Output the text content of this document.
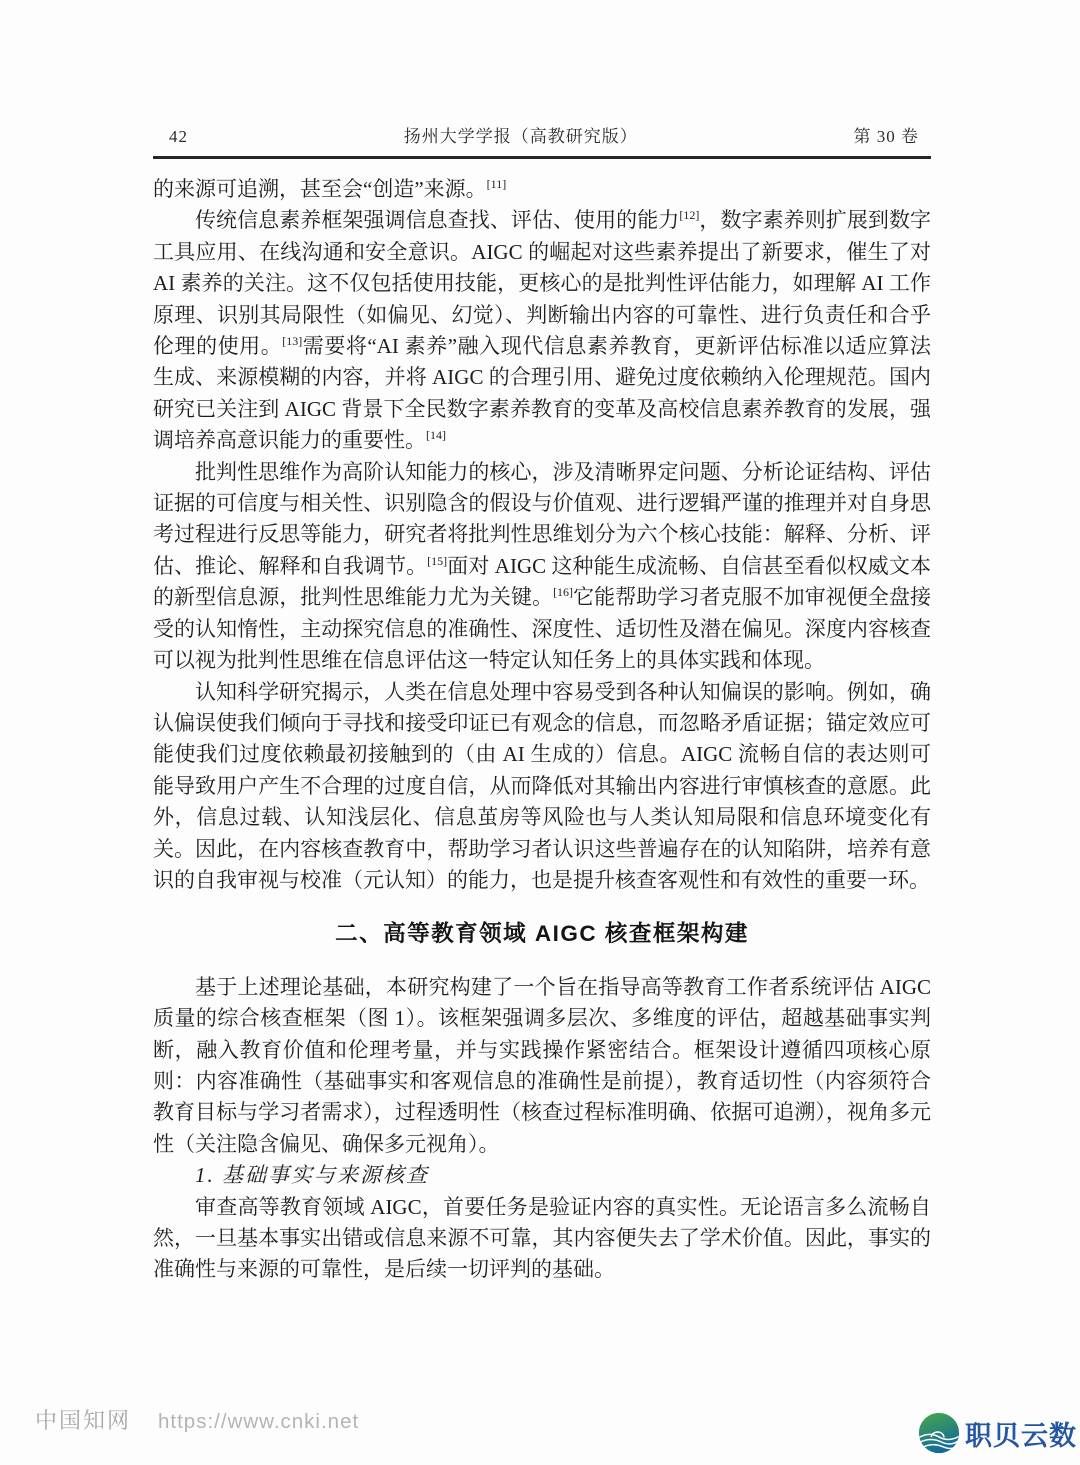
42	扬州大学学报（高教研究版）	第 30 卷

的来源可追溯，甚至会“创造”来源。[11]

传统信息素养框架强调信息查找、评估、使用的能力[12]，数字素养则扩展到数字工具应用、在线沟通和安全意识。AIGC 的崛起对这些素养提出了新要求，催生了对 AI 素养的关注。这不仅包括使用技能，更核心的是批判性评估能力，如理解 AI 工作原理、识别其局限性（如偏见、幻觉）、判断输出内容的可靠性、进行负责任和合乎伦理的使用。[13]需要将“AI 素养”融入现代信息素养教育，更新评估标准以适应算法生成、来源模糊的内容，并将 AIGC 的合理引用、避免过度依赖纳入伦理规范。国内研究已关注到 AIGC 背景下全民数字素养教育的变革及高校信息素养教育的发展，强调培养高意识能力的重要性。[14]

批判性思维作为高阶认知能力的核心，涉及清晰界定问题、分析论证结构、评估证据的可信度与相关性、识别隐含的假设与价值观、进行逻辑严谨的推理并对自身思考过程进行反思等能力，研究者将批判性思维划分为六个核心技能：解释、分析、评估、推论、解释和自我调节。[15]面对 AIGC 这种能生成流畅、自信甚至看似权威文本的新型信息源，批判性思维能力尤为关键。[16]它能帮助学习者克服不加审视便全盘接受的认知惰性，主动探究信息的准确性、深度性、适切性及潜在偏见。深度内容核查可以视为批判性思维在信息评估这一特定认知任务上的具体实践和体现。

认知科学研究揭示，人类在信息处理中容易受到各种认知偏误的影响。例如，确认偏误使我们倾向于寻找和接受印证已有观念的信息，而忽略矛盾证据；锚定效应可能使我们过度依赖最初接触到的（由 AI 生成的）信息。AIGC 流畅自信的表达则可能导致用户产生不合理的过度自信，从而降低对其输出内容进行审慎核查的意愿。此外，信息过载、认知浅层化、信息茧房等风险也与人类认知局限和信息环境变化有关。因此，在内容核查教育中，帮助学习者认识这些普遍存在的认知陷阱，培养有意识的自我审视与校准（元认知）的能力，也是提升核查客观性和有效性的重要一环。

二、高等教育领域 AIGC 核查框架构建

基于上述理论基础，本研究构建了一个旨在指导高等教育工作者系统评估 AIGC 质量的综合核查框架（图 1）。该框架强调多层次、多维度的评估，超越基础事实判断，融入教育价值和伦理考量，并与实践操作紧密结合。框架设计遵循四项核心原则：内容准确性（基础事实和客观信息的准确性是前提），教育适切性（内容须符合教育目标与学习者需求），过程透明性（核查过程标准明确、依据可追溯），视角多元性（关注隐含偏见、确保多元视角）。

1. 基础事实与来源核查

审查高等教育领域 AIGC，首要任务是验证内容的真实性。无论语言多么流畅自然，一旦基本事实出错或信息来源不可靠，其内容便失去了学术价值。因此，事实的准确性与来源的可靠性，是后续一切评判的基础。

中国知网 https://www.cnki.net	职贝云数
